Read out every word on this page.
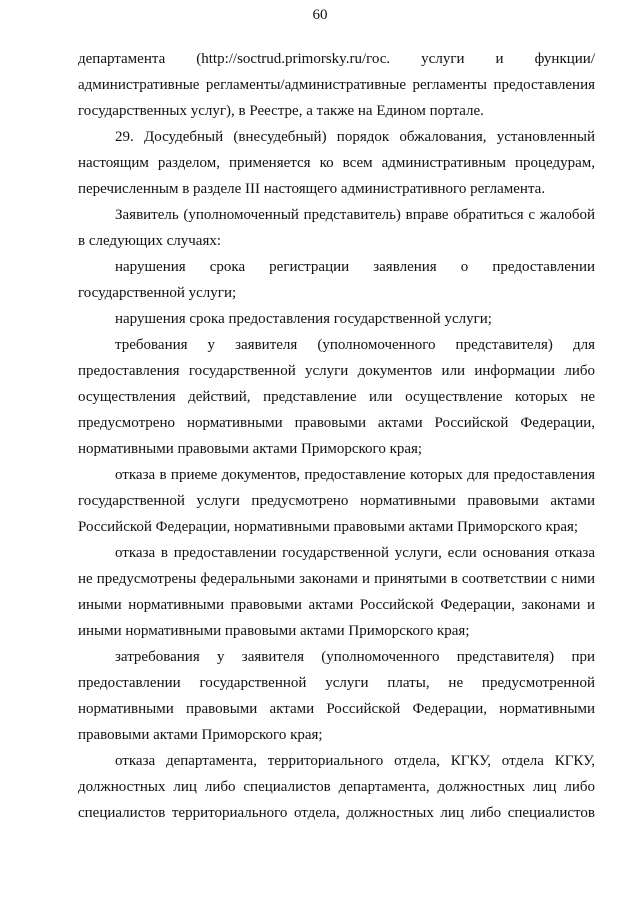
60

департамента (http://soctrud.primorsky.ru/гос. услуги и функции/административные регламенты/административные регламенты предоставления государственных услуг), в Реестре, а также на Едином портале.

29. Досудебный (внесудебный) порядок обжалования, установленный настоящим разделом, применяется ко всем административным процедурам, перечисленным в разделе III настоящего административного регламента.

Заявитель (уполномоченный представитель) вправе обратиться с жалобой в следующих случаях:

нарушения срока регистрации заявления о предоставлении государственной услуги;

нарушения срока предоставления государственной услуги;

требования у заявителя (уполномоченного представителя) для предоставления государственной услуги документов или информации либо осуществления действий, представление или осуществление которых не предусмотрено нормативными правовыми актами Российской Федерации, нормативными правовыми актами Приморского края;

отказа в приеме документов, предоставление которых для предоставления государственной услуги предусмотрено нормативными правовыми актами Российской Федерации, нормативными правовыми актами Приморского края;

отказа в предоставлении государственной услуги, если основания отказа не предусмотрены федеральными законами и принятыми в соответствии с ними иными нормативными правовыми актами Российской Федерации, законами и иными нормативными правовыми актами Приморского края;

затребования у заявителя (уполномоченного представителя) при предоставлении государственной услуги платы, не предусмотренной нормативными правовыми актами Российской Федерации, нормативными правовыми актами Приморского края;

отказа департамента, территориального отдела, КГКУ, отдела КГКУ, должностных лиц либо специалистов департамента, должностных лиц либо специалистов территориального отдела, должностных лиц либо специалистов
